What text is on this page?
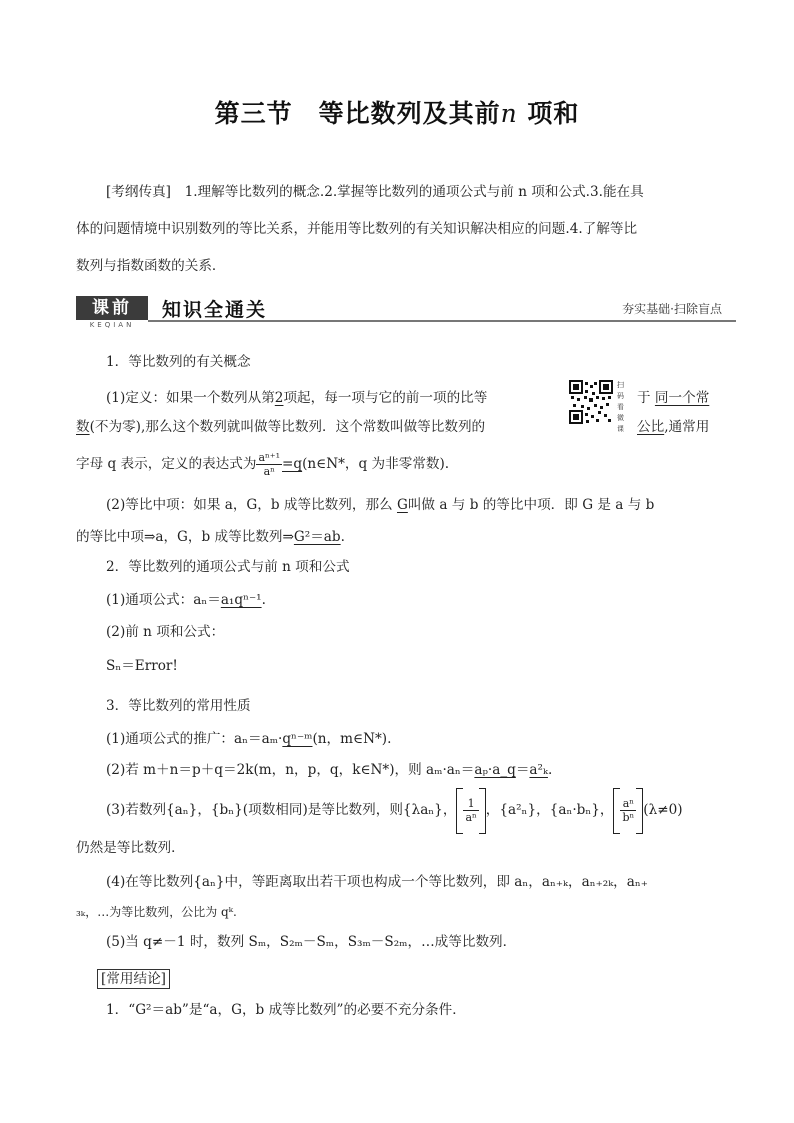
第三节　等比数列及其前n 项和
[考纲传真]　 1.理解等比数列的概念.2.掌握等比数列的通项公式与前 n 项和公式.3.能在具
体的问题情境中识别数列的等比关系，并能用等比数列的有关知识解决相应的问题.4.了解等比
数列与指数函数的关系．
课前
KEQIAN
知识全通关	夯实基础·扫除盲点
扫码看微课
1．等比数列的有关概念
(1)定义：如果一个数列从第2项起，每一项与它的前一项的比等	于 同一个常
数(不为零),那么这个数列就叫做等比数列．这个常数叫做等比数列的	公比,通常用
字母 q 表示，定义的表达式为 $\frac{\text{aⁿ⁺¹}}{\text{aⁿ}}$ =q(n∈N*，q 为非零常数).
(2)等比中项：如果 a，G，b 成等比数列，那么 G叫做 a 与 b 的等比中项．即 G 是 a 与 b
的等比中项⇒a，G，b 成等比数列⇒G²＝ab.
2．等比数列的通项公式与前 n 项和公式
(1)通项公式：aₙ＝a₁qⁿ⁻¹.
(2)前 n 项和公式：
Sₙ＝Error!
3．等比数列的常用性质
(1)通项公式的推广：aₙ＝aₘ·qⁿ⁻ᵐ(n，m∈N*).
(2)若 m＋n＝p＋q＝2k(m，n，p，q，k∈N*)，则 aₘ·aₙ＝aₚ·a_q＝a²ₖ.
(3)若数列{aₙ}，{bₙ}(项数相同)是等比数列，则{λaₙ}， $\frac{1}{\text{aⁿ}}$ ，{a²ₙ}，{aₙ·bₙ}， $\frac{\text{aⁿ}}{\text{bⁿ}} (\lambda\ne 0)$
仍然是等比数列．
(4)在等比数列{aₙ}中，等距离取出若干项也构成一个等比数列，即 aₙ，aₙ₊ₖ，aₙ₊₂ₖ，aₙ₊
₃ₖ，…为等比数列，公比为 qᵏ.
(5)当 q≠－1 时，数列 Sₘ，S₂ₘ－Sₘ，S₃ₘ－S₂ₘ，…成等比数列．
[常用结论]
1．“G²＝ab”是“a，G，b 成等比数列”的必要不充分条件．
